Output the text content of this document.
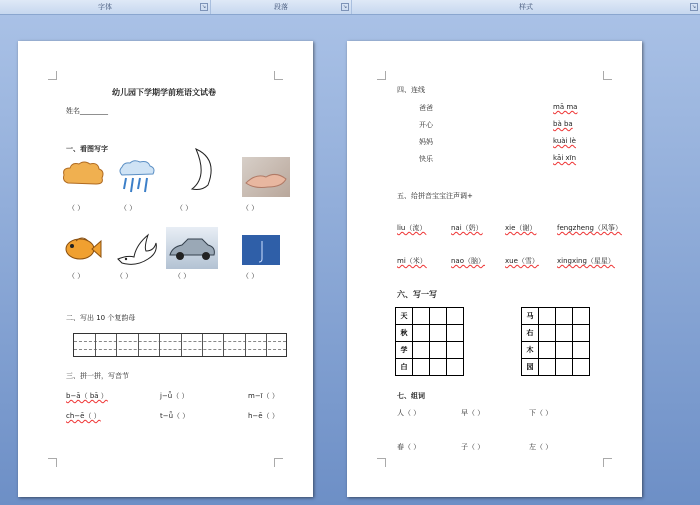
字体	↘	段落	↘	样式	↘
幼儿园下学期学前班语文试卷
姓名________
一、看图写字
（ ）	（ ）	（ ）	（ ）
（ ）	（ ）	（ ）	（ ）
二、写出 10 个复韵母
三、拼一拼，写音节
b−ā（ bā ）	j−ǖ（ ）	m−ī（ ）
ch−ē（ ）	t−ǖ（ ）	h−ē（ ）
四、连线
爸爸	mā ma
开心	bà ba
妈妈	kuài lè
快乐	kāi xīn
五、给拼音宝宝注声调+
liu（流）	nai（奶）	xie（谢）	fengzheng（风筝）
mi（米）	nao（脑）	xue（雪）	xingxing（星星）
六、写一写
天			
秋			
学			
白			
马			
右			
木			
园			
七、组词
人（ ）	早（ ）	下（ ）
春（ ）	子（ ）	左（ ）
